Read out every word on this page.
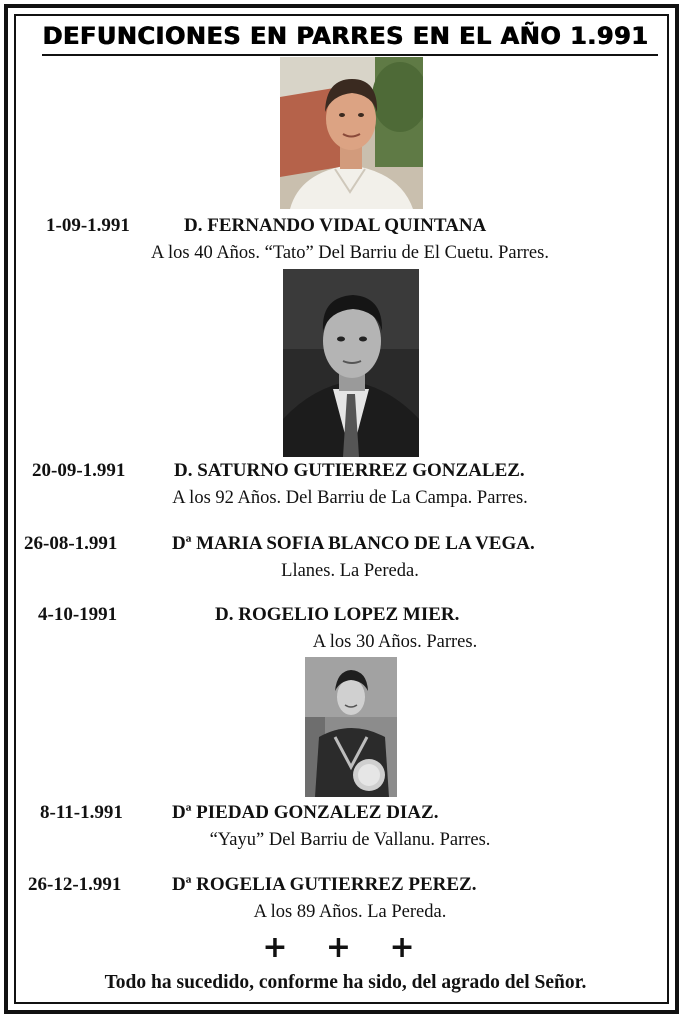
DEFUNCIONES EN PARRES EN EL AÑO 1.991
1-09-1.991	D. FERNANDO VIDAL QUINTANA
A los 40 Años. “Tato” Del Barriu de El Cuetu. Parres.
20-09-1.991	D. SATURNO GUTIERREZ GONZALEZ.
A los 92 Años. Del Barriu de La Campa. Parres.
26-08-1.991	Dª MARIA SOFIA BLANCO DE LA VEGA.
Llanes. La Pereda.
4-10-1991	D. ROGELIO LOPEZ MIER.
A los 30 Años. Parres.
8-11-1.991	Dª PIEDAD GONZALEZ DIAZ.
“Yayu” Del Barriu de Vallanu. Parres.
26-12-1.991	Dª ROGELIA GUTIERREZ PEREZ.
A los 89 Años. La Pereda.
+ + +
Todo ha sucedido, conforme ha sido, del agrado del Señor.
